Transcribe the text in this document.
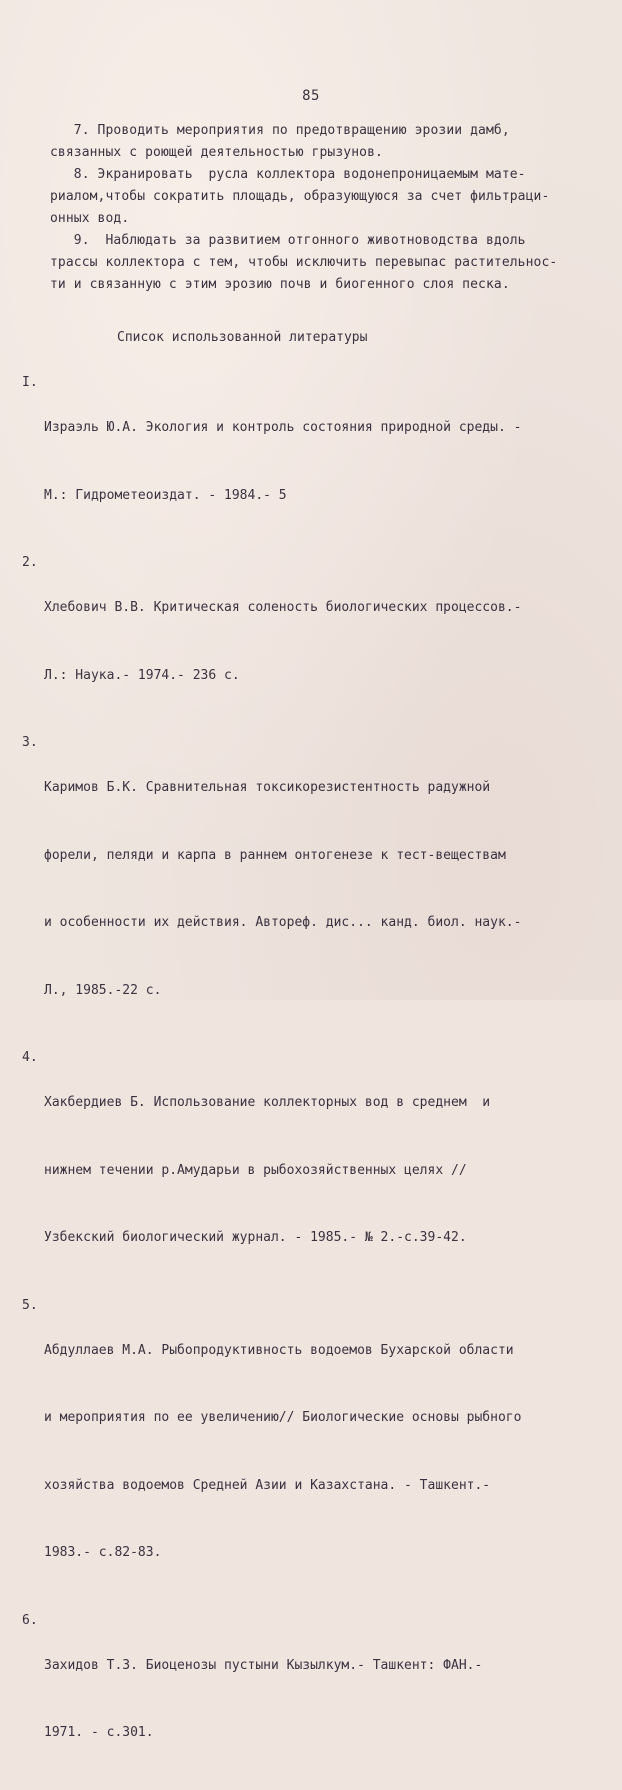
85
7. Проводить мероприятия по предотвращению эрозии дамб,
связанных с роющей деятельностью грызунов.
8. Экранировать  русла коллектора водонепроницаемым мате-
риалом,чтобы сократить площадь, образующуюся за счет фильтраци-
онных вод.
9.  Наблюдать за развитием отгонного животноводства вдоль
трассы коллектора с тем, чтобы исключить перевыпас растительнос-
ти и связанную с этим эрозию почв и биогенного слоя песка.
Список использованной литературы
I.

Израэль Ю.А. Экология и контроль состояния природной среды. -

М.: Гидрометеоиздат. - 1984.- 5

2.

Хлебович В.В. Критическая соленость биологических процессов.-

Л.: Наука.- 1974.- 236 с.

3.

Каримов Б.К. Сравнительная токсикорезистентность радужной

форели, пеляди и карпа в раннем онтогенезе к тест-веществам

и особенности их действия. Автореф. дис... канд. биол. наук.-

Л., 1985.-22 с.

4.

Хакбердиев Б. Использование коллекторных вод в среднем  и

нижнем течении р.Амударьи в рыбохозяйственных целях //

Узбекский биологический журнал. - 1985.- № 2.-с.39-42.

5.

Абдуллаев М.А. Рыбопродуктивность водоемов Бухарской области

и мероприятия по ее увеличению// Биологические основы рыбного

хозяйства водоемов Средней Азии и Казахстана. - Ташкент.-

1983.- с.82-83.

6.

Захидов Т.З. Биоценозы пустыни Кызылкум.- Ташкент: ФАН.-

1971. - с.301.
